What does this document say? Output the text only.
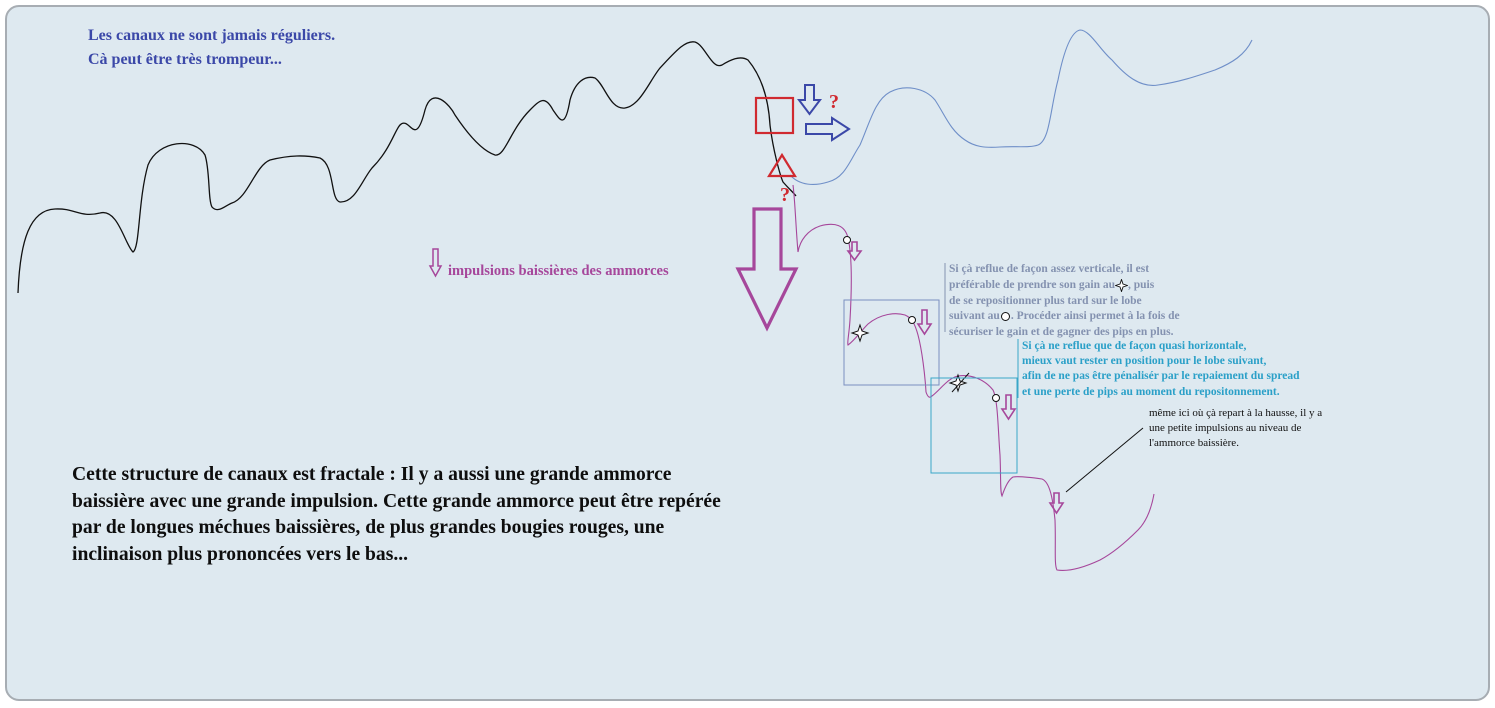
?
?
Les canaux ne sont jamais réguliers.
Cà peut être très trompeur...
impulsions baissières des ammorces	Si çà reflue de façon assez verticale, il est
préférable de prendre son gain au , puis
de se repositionner plus tard sur le lobe
suivant au . Procéder ainsi permet à la fois de
sécuriser le gain et de gagner des pips en plus.
Si çà ne reflue que de façon quasi horizontale,
mieux vaut rester en position pour le lobe suivant,
afin de ne pas être pénalisér par le repaiement du spread
et une perte de pips au moment du repositonnement.
même ici où çà repart à la hausse, il y a
une petite impulsions au niveau de
l'ammorce baissière.
Cette structure de canaux est fractale : Il y a aussi une grande ammorce
baissière avec une grande impulsion. Cette grande ammorce peut être repérée
par de longues méchues baissières, de plus grandes bougies rouges, une
inclinaison plus prononcées vers le bas...
